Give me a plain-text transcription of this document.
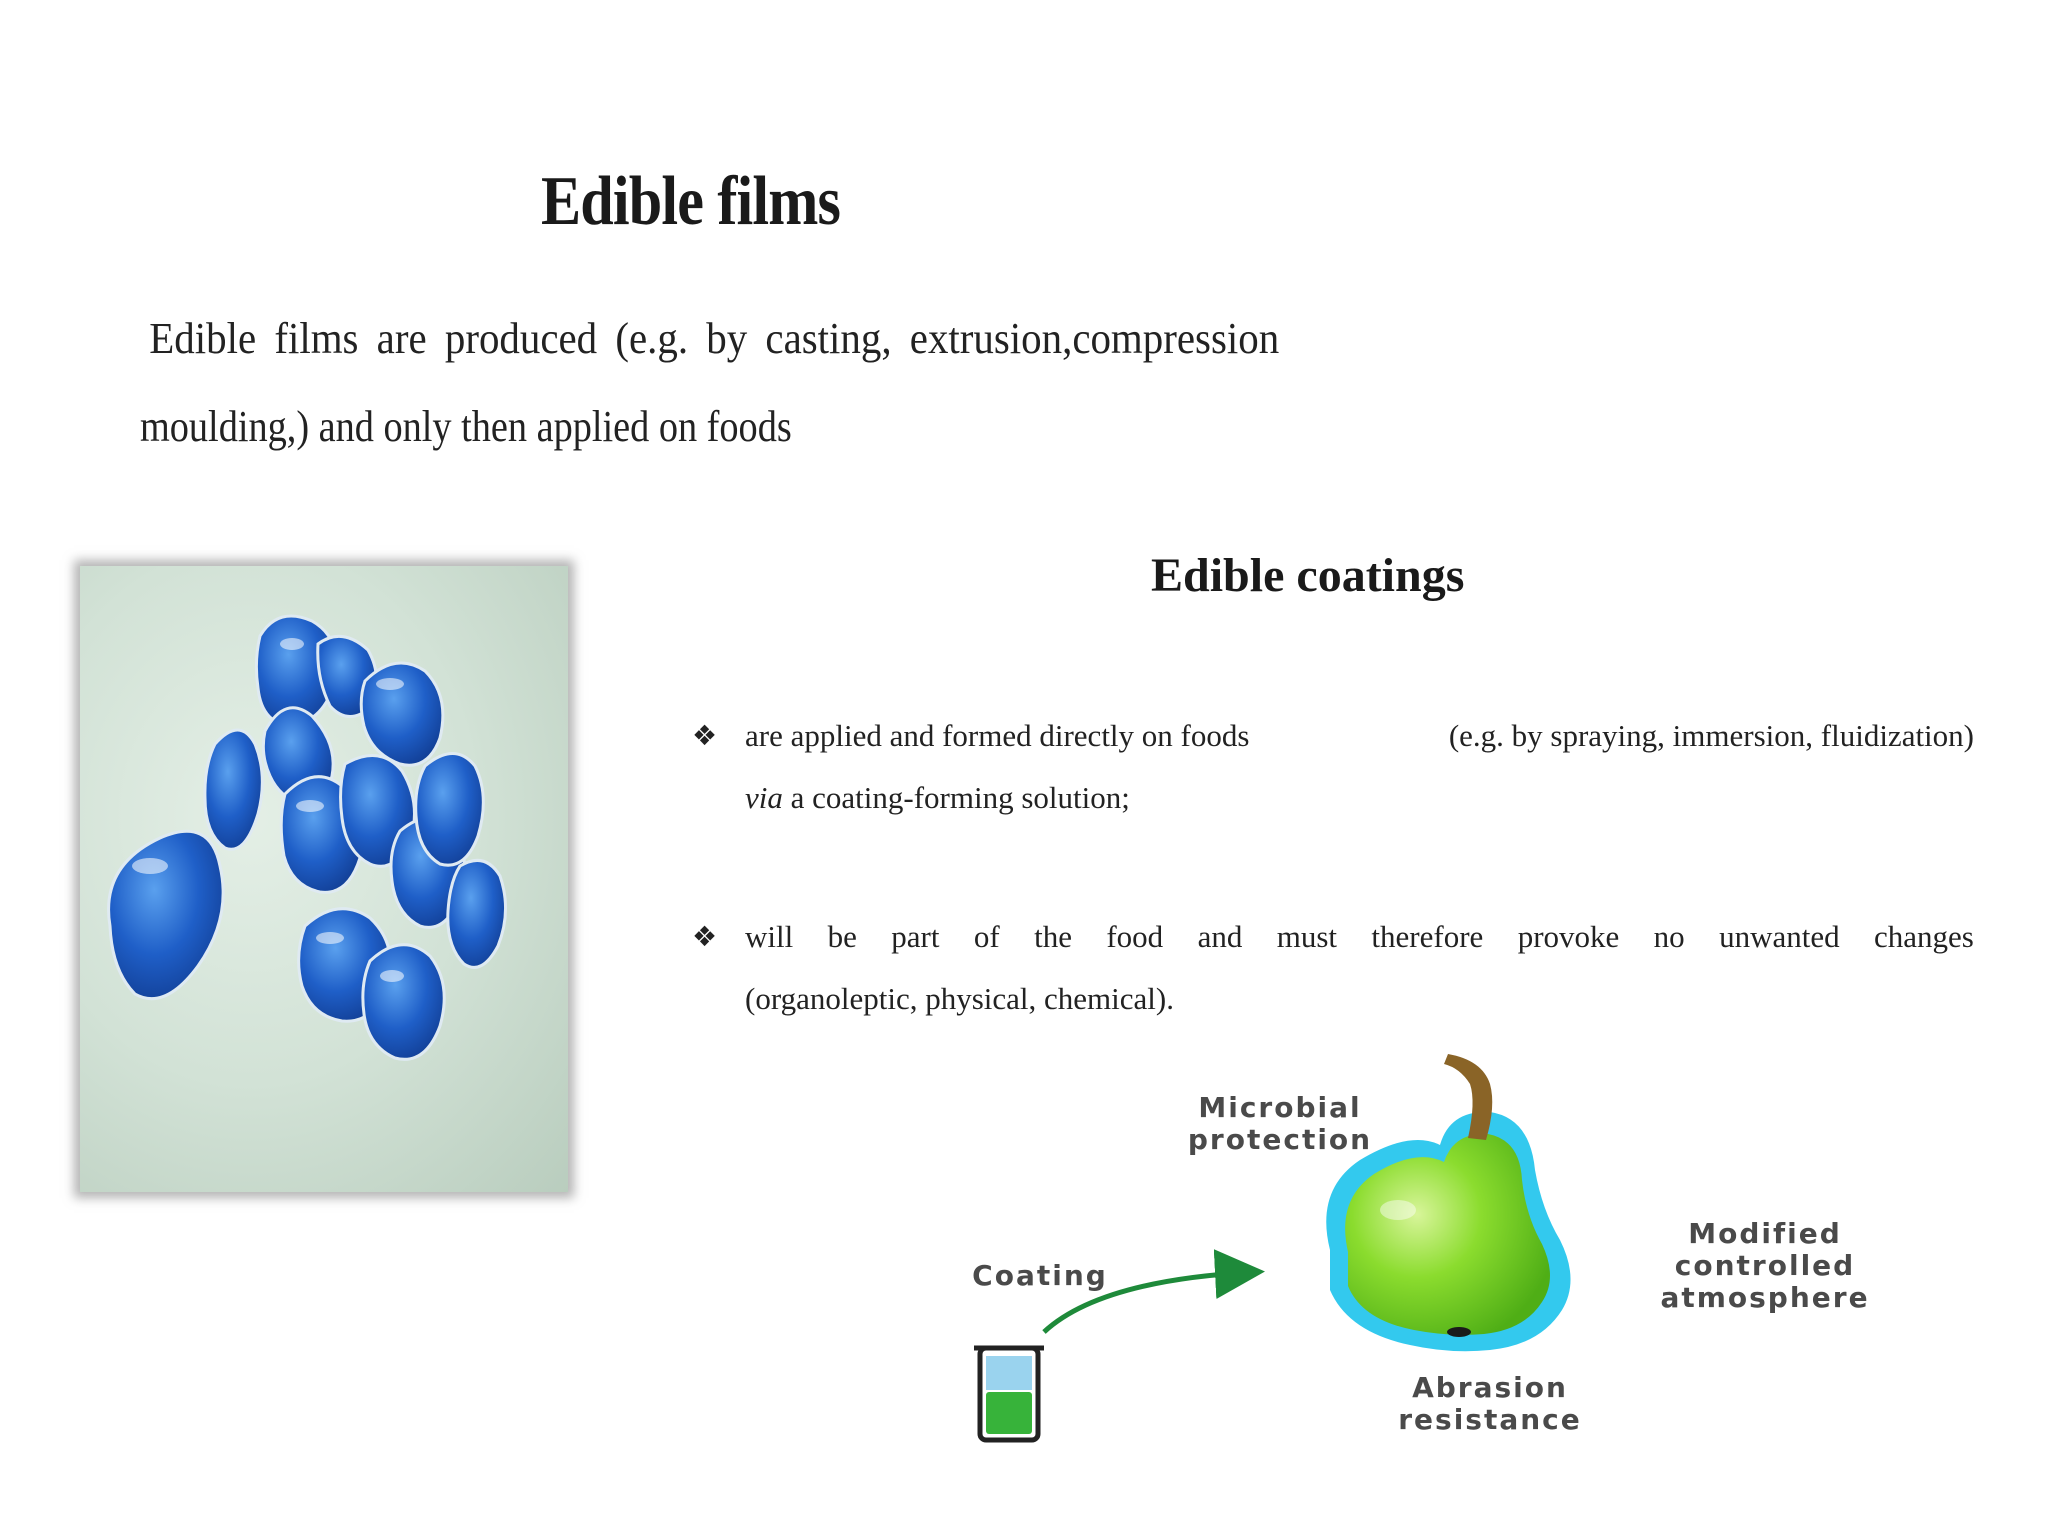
Edible films

Edible films are produced (e.g. by casting, extrusion,compression
moulding,) and only then applied on foods

Edible coatings
❖ are applied and formed directly on foods	(e.g. by spraying, immersion, fluidization)
via a coating-forming solution;
❖ will be part of the food and must therefore provoke no unwanted changes
(organoleptic, physical, chemical).

Microbial
protection

Coating

Modified
controlled
atmosphere

Abrasion
resistance
